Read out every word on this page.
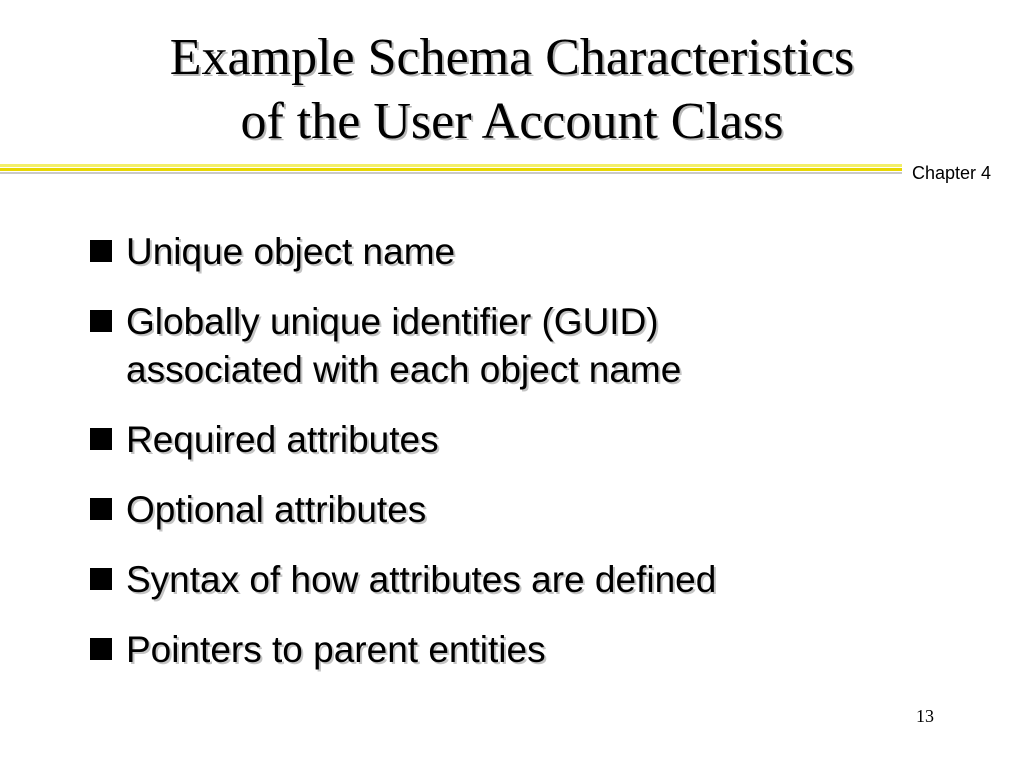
Example Schema Characteristics
of the User Account Class
Chapter 4
Unique object name
Globally unique identifier (GUID) associated with each object name
Required attributes
Optional attributes
Syntax of how attributes are defined
Pointers to parent entities
13
